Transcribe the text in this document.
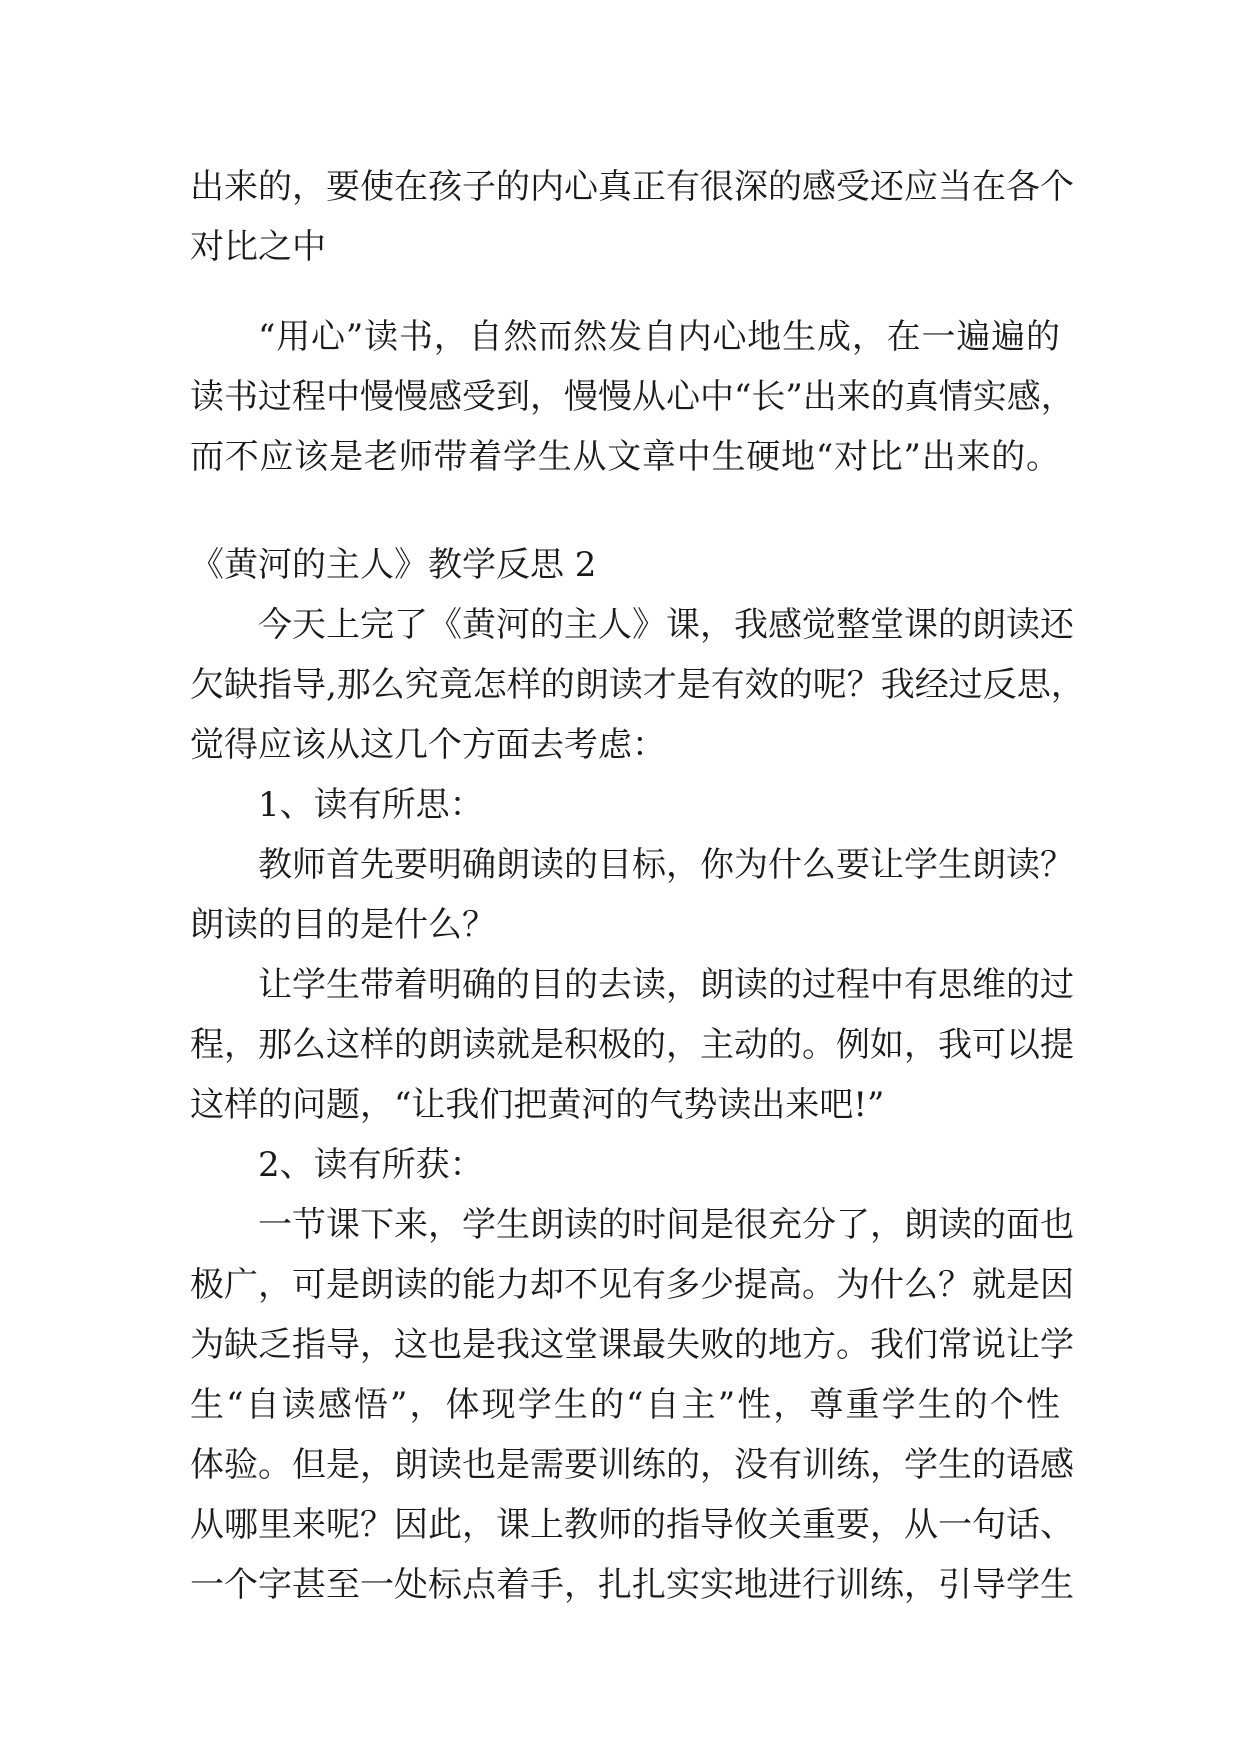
出来的，要使在孩子的内心真正有很深的感受还应当在各个
对比之中
“用心”读书，自然而然发自内心地生成，在一遍遍的
读书过程中慢慢感受到，慢慢从心中“长”出来的真情实感，
而不应该是老师带着学生从文章中生硬地“对比”出来的。
《黄河的主人》教学反思 2
今天上完了《黄河的主人》课，我感觉整堂课的朗读还
欠缺指导,那么究竟怎样的朗读才是有效的呢？我经过反思，
觉得应该从这几个方面去考虑：
1、读有所思：
教师首先要明确朗读的目标，你为什么要让学生朗读？
朗读的目的是什么？
让学生带着明确的目的去读，朗读的过程中有思维的过
程，那么这样的朗读就是积极的，主动的。例如，我可以提
这样的问题，“让我们把黄河的气势读出来吧!”
2、读有所获：
一节课下来，学生朗读的时间是很充分了，朗读的面也
极广，可是朗读的能力却不见有多少提高。为什么？就是因
为缺乏指导，这也是我这堂课最失败的地方。我们常说让学
生“自读感悟”，体现学生的“自主”性，尊重学生的个性
体验。但是，朗读也是需要训练的，没有训练，学生的语感
从哪里来呢？因此，课上教师的指导攸关重要，从一句话、
一个字甚至一处标点着手，扎扎实实地进行训练，引导学生
